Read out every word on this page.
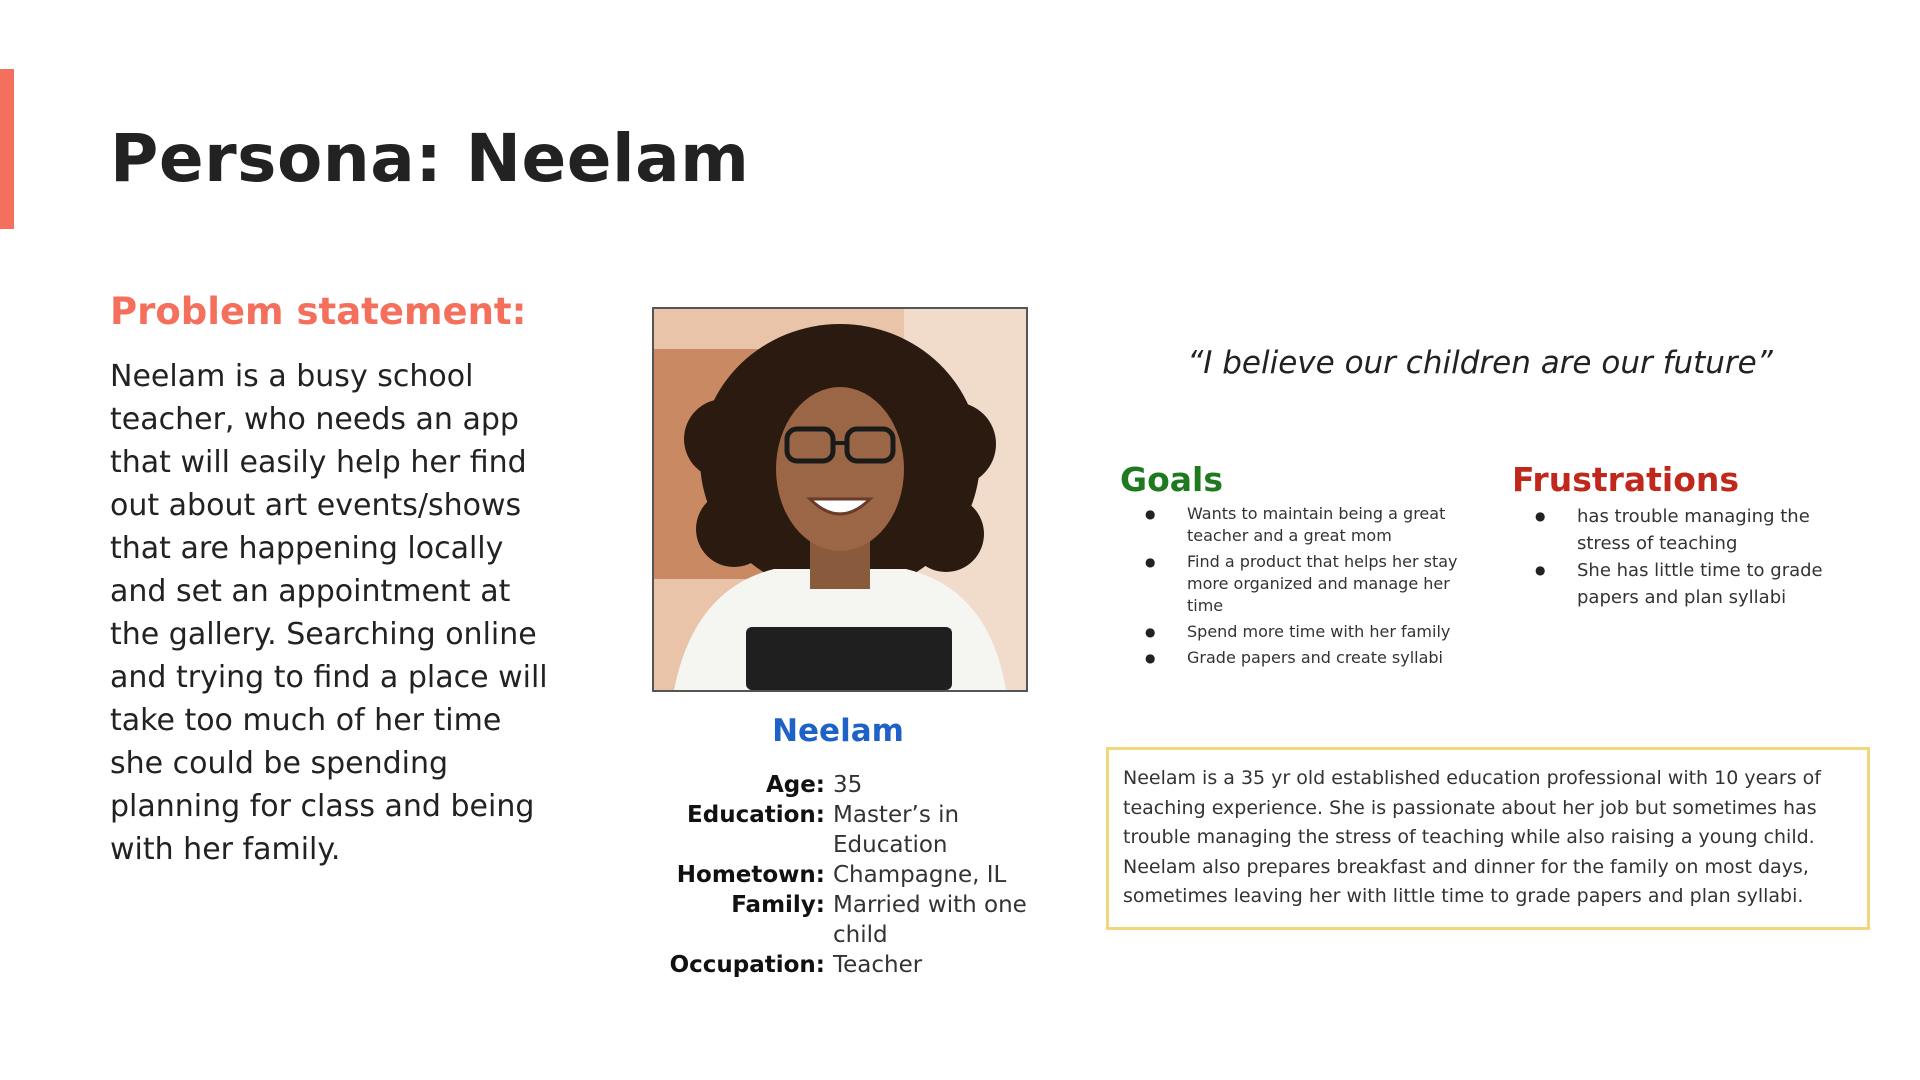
Persona: Neelam
Problem statement:

Neelam is a busy school teacher, who needs an app that will easily help her find out about art events/shows that are happening locally and set an appointment at the gallery. Searching online and trying to find a place will take too much of her time she could be spending planning for class and being with her family.

Neelam
Age: 35
Education: Master’s in Education
Hometown: Champagne, IL
Family: Married with one child
Occupation: Teacher
“I believe our children are our future”
Goals
● Wants to maintain being a great teacher and a great mom
● Find a product that helps her stay more organized and manage her time
● Spend more time with her family
● Grade papers and create syllabi
Frustrations
● has trouble managing the stress of teaching
● She has little time to grade papers and plan syllabi

Neelam is a 35 yr old established education professional with 10 years of teaching experience. She is passionate about her job but sometimes has trouble managing the stress of teaching while also raising a young child. Neelam also prepares breakfast and dinner for the family on most days, sometimes leaving her with little time to grade papers and plan syllabi.
